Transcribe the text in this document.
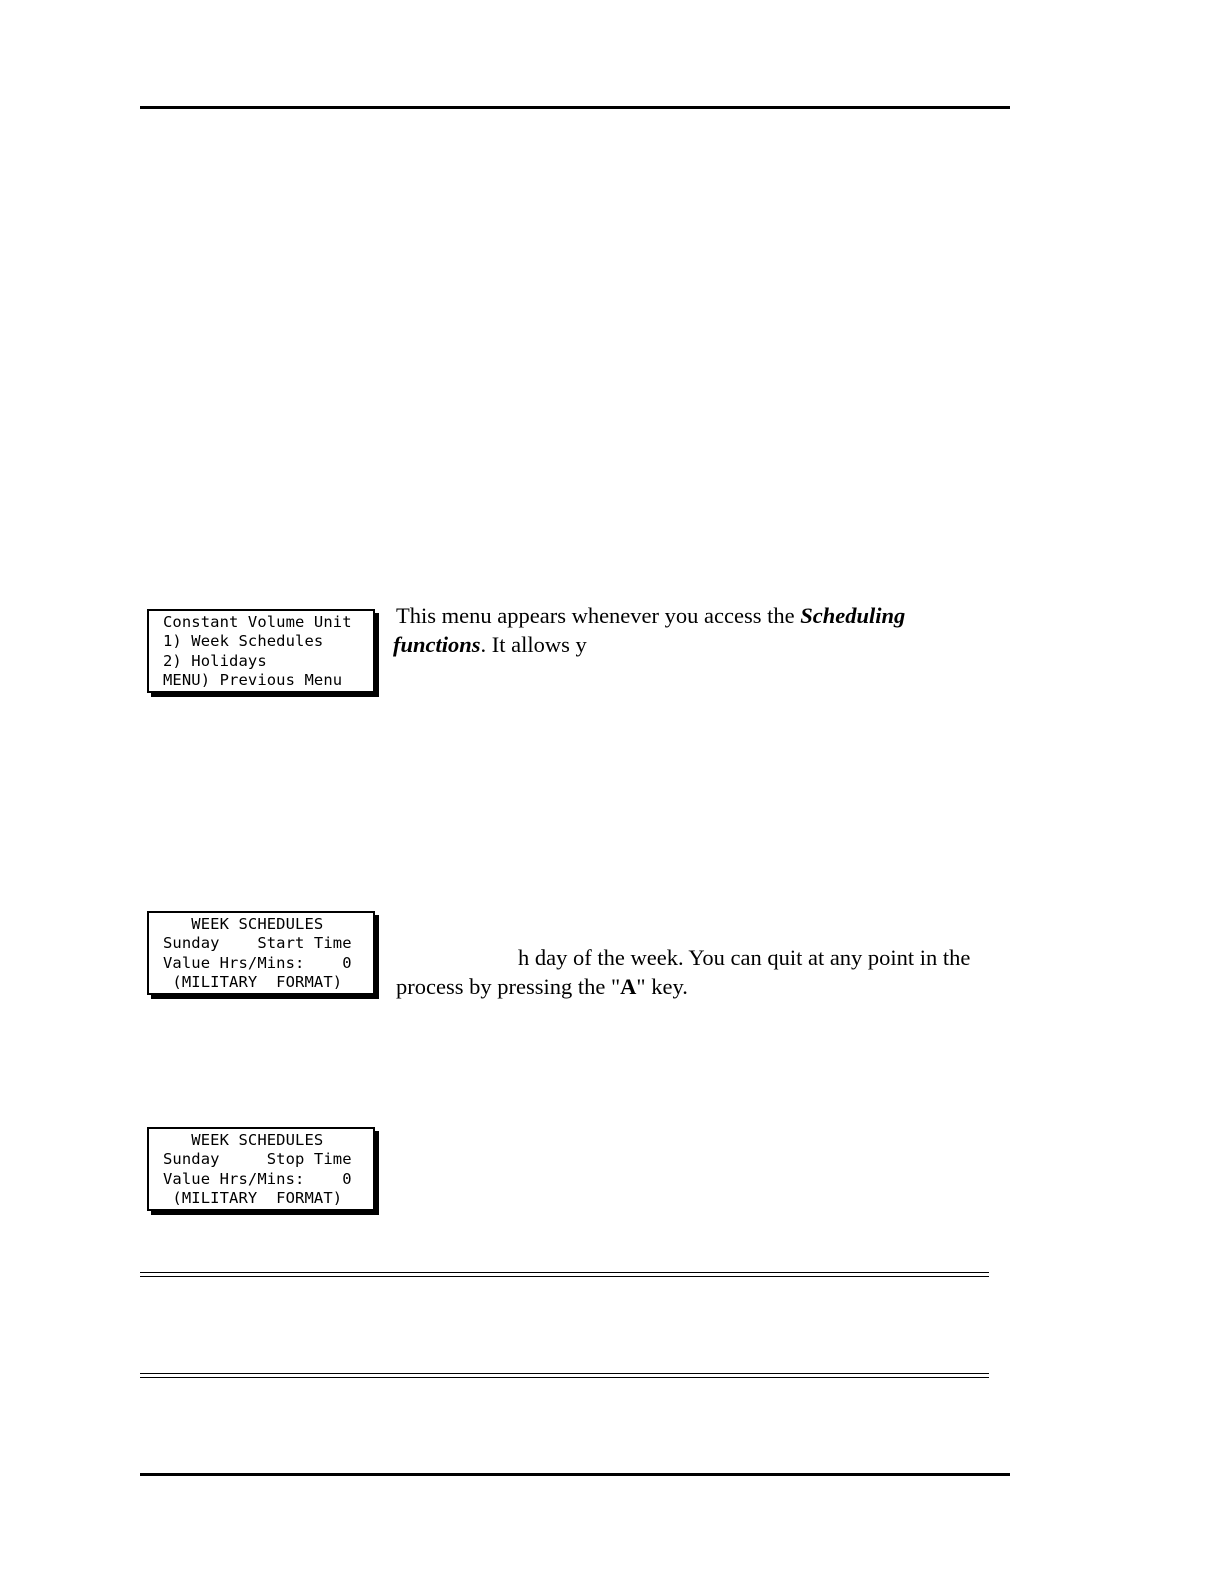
Constant Volume Unit
1) Week Schedules
2) Holidays
MENU) Previous Menu
This menu appears whenever you access the Scheduling
functions. It allows y
WEEK SCHEDULES
Sunday    Start Time
Value Hrs/Mins:    0
(MILITARY  FORMAT)
h day of the week. You can quit at any point in the
process by pressing the "A" key.
WEEK SCHEDULES
Sunday     Stop Time
Value Hrs/Mins:    0
(MILITARY  FORMAT)
